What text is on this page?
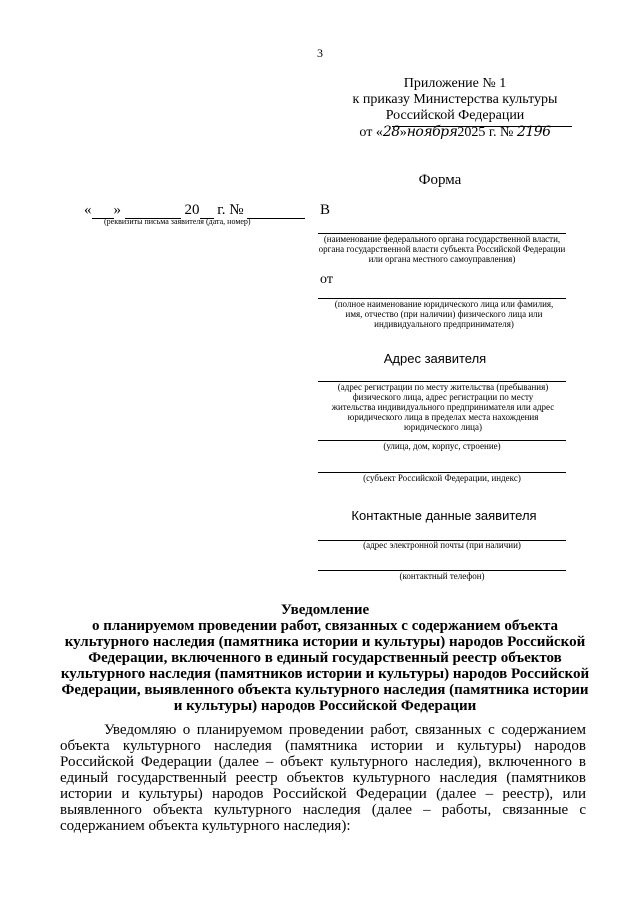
3
Приложение № 1
к приказу Министерства культуры
Российской Федерации
от «28»ноября2025 г. № 2196
Форма
« »	20 г. №
(реквизиты письма заявителя (дата, номер)
В
(наименование федерального органа государственной власти, органа государственной власти субъекта Российской Федерации или органа местного самоуправления)
от
(полное наименование юридического лица или фамилия, имя, отчество (при наличии) физического лица или индивидуального предпринимателя)
Адрес заявителя
(адрес регистрации по месту жительства (пребывания) физического лица, адрес регистрации по месту жительства индивидуального предпринимателя или адрес юридического лица в пределах места нахождения юридического лица)
(улица, дом, корпус, строение)
(субъект Российской Федерации, индекс)
Контактные данные заявителя
(адрес электронной почты (при наличии)
(контактный телефон)
Уведомление
о планируемом проведении работ, связанных с содержанием объекта культурного наследия (памятника истории и культуры) народов Российской Федерации, включенного в единый государственный реестр объектов культурного наследия (памятников истории и культуры) народов Российской Федерации, выявленного объекта культурного наследия (памятника истории и культуры) народов Российской Федерации
Уведомляю о планируемом проведении работ, связанных с содержанием объекта культурного наследия (памятника истории и культуры) народов Российской Федерации (далее – объект культурного наследия), включенного в единый государственный реестр объектов культурного наследия (памятников истории и культуры) народов Российской Федерации (далее – реестр), или выявленного объекта культурного наследия (далее – работы, связанные с содержанием объекта культурного наследия):
